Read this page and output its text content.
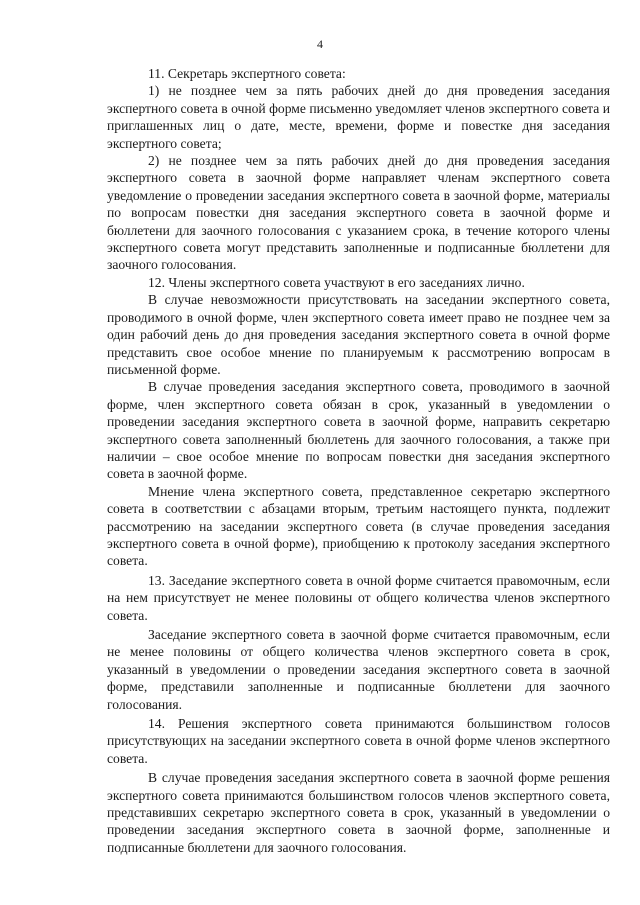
4

11. Секретарь экспертного совета:

1) не позднее чем за пять рабочих дней до дня проведения заседания экспертного совета в очной форме письменно уведомляет членов экспертного совета и приглашенных лиц о дате, месте, времени, форме и повестке дня заседания экспертного совета;

2) не позднее чем за пять рабочих дней до дня проведения заседания экспертного совета в заочной форме направляет членам экспертного совета уведомление о проведении заседания экспертного совета в заочной форме, материалы по вопросам повестки дня заседания экспертного совета в заочной форме и бюллетени для заочного голосования с указанием срока, в течение которого члены экспертного совета могут представить заполненные и подписанные бюллетени для заочного голосования.

12. Члены экспертного совета участвуют в его заседаниях лично.

В случае невозможности присутствовать на заседании экспертного совета, проводимого в очной форме, член экспертного совета имеет право не позднее чем за один рабочий день до дня проведения заседания экспертного совета в очной форме представить свое особое мнение по планируемым к рассмотрению вопросам в письменной форме.

В случае проведения заседания экспертного совета, проводимого в заочной форме, член экспертного совета обязан в срок, указанный в уведомлении о проведении заседания экспертного совета в заочной форме, направить секретарю экспертного совета заполненный бюллетень для заочного голосования, а также при наличии – свое особое мнение по вопросам повестки дня заседания экспертного совета в заочной форме.

Мнение члена экспертного совета, представленное секретарю экспертного совета в соответствии с абзацами вторым, третьим настоящего пункта, подлежит рассмотрению на заседании экспертного совета (в случае проведения заседания экспертного совета в очной форме), приобщению к протоколу заседания экспертного совета.

13. Заседание экспертного совета в очной форме считается правомочным, если на нем присутствует не менее половины от общего количества членов экспертного совета.

Заседание экспертного совета в заочной форме считается правомочным, если не менее половины от общего количества членов экспертного совета в срок, указанный в уведомлении о проведении заседания экспертного совета в заочной форме, представили заполненные и подписанные бюллетени для заочного голосования.

14. Решения экспертного совета принимаются большинством голосов присутствующих на заседании экспертного совета в очной форме членов экспертного совета.

В случае проведения заседания экспертного совета в заочной форме решения экспертного совета принимаются большинством голосов членов экспертного совета, представивших секретарю экспертного совета в срок, указанный в уведомлении о проведении заседания экспертного совета в заочной форме, заполненные и подписанные бюллетени для заочного голосования.
